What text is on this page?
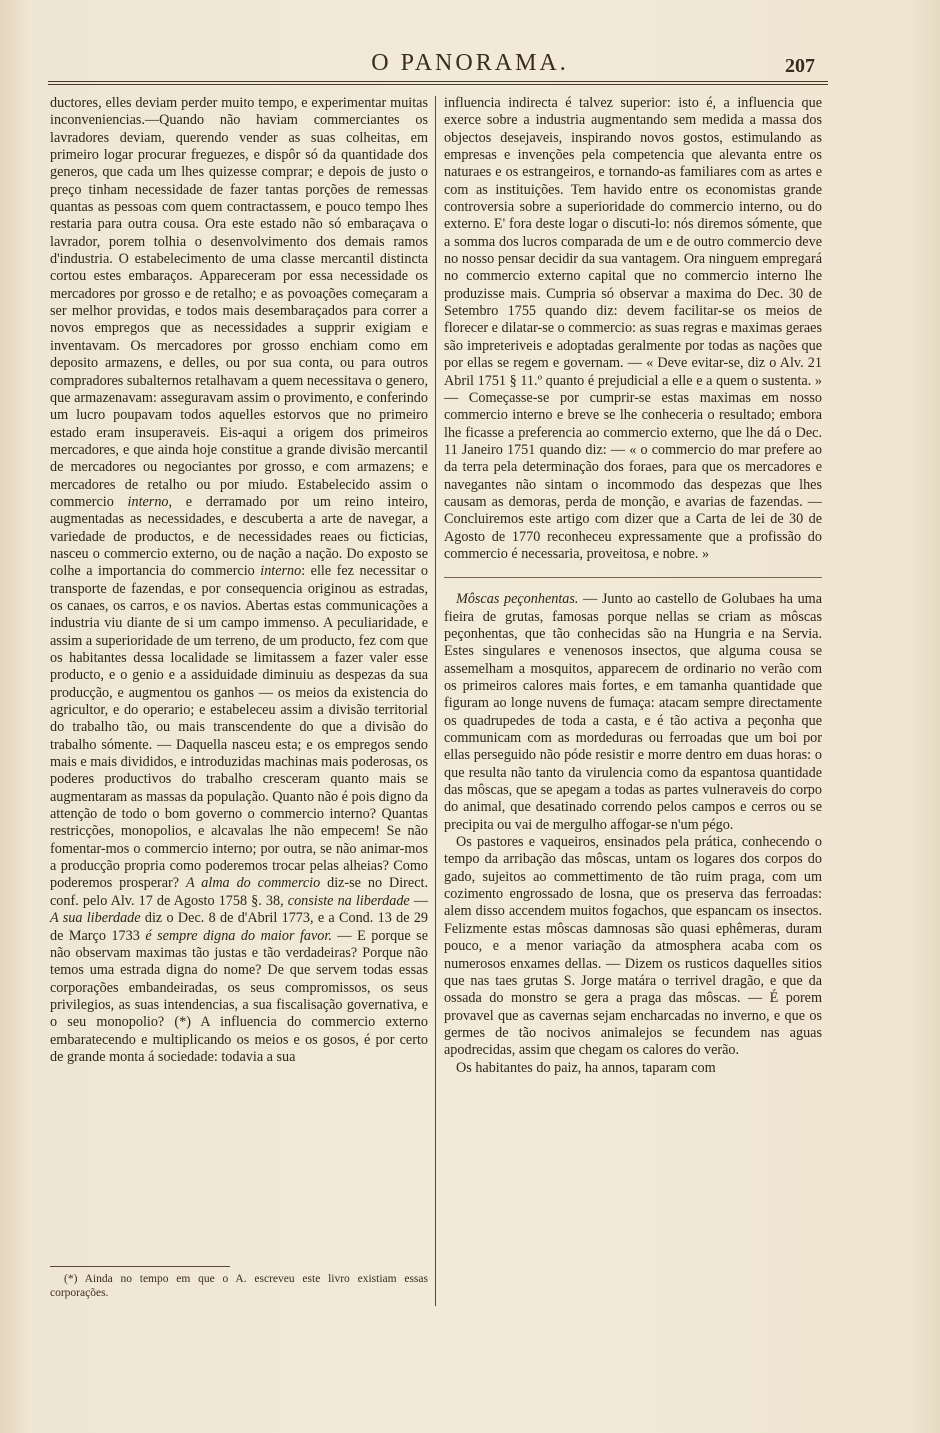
O PANORAMA.	207

ductores, elles deviam perder muito tempo, e experimentar muitas inconveniencias.—Quando não haviam commerciantes os lavradores deviam, querendo vender as suas colheitas, em primeiro logar procurar freguezes, e dispôr só da quantidade dos generos, que cada um lhes quizesse comprar; e depois de justo o preço tinham necessidade de fazer tantas porções de remessas quantas as pessoas com quem contractassem, e pouco tempo lhes restaria para outra cousa. Ora este estado não só embaraçava o lavrador, porem tolhia o desenvolvimento dos demais ramos d'industria. O estabelecimento de uma classe mercantil distincta cortou estes embaraços. Appareceram por essa necessidade os mercadores por grosso e de retalho; e as povoações começaram a ser melhor providas, e todos mais desembaraçados para correr a novos empregos que as necessidades a supprir exigiam e inventavam. Os mercadores por grosso enchiam como em deposito armazens, e delles, ou por sua conta, ou para outros compradores subalternos retalhavam a quem necessitava o genero, que armazenavam: asseguravam assim o provimento, e conferindo um lucro poupavam todos aquelles estorvos que no primeiro estado eram insuperaveis. Eis-aqui a origem dos primeiros mercadores, e que ainda hoje constitue a grande divisão mercantil de mercadores ou negociantes por grosso, e com armazens; e mercadores de retalho ou por miudo. Estabelecido assim o commercio interno, e derramado por um reino inteiro, augmentadas as necessidades, e descuberta a arte de navegar, a variedade de productos, e de necessidades reaes ou ficticias, nasceu o commercio externo, ou de nação a nação. Do exposto se colhe a importancia do commercio interno: elle fez necessitar o transporte de fazendas, e por consequencia originou as estradas, os canaes, os carros, e os navios. Abertas estas communicações a industria viu diante de si um campo immenso. A peculiaridade, e assim a superioridade de um terreno, de um producto, fez com que os habitantes dessa localidade se limitassem a fazer valer esse producto, e o genio e a assiduidade diminuiu as despezas da sua producção, e augmentou os ganhos — os meios da existencia do agricultor, e do operario; e estabeleceu assim a divisão territorial do trabalho tão, ou mais transcendente do que a divisão do trabalho sómente. — Daquella nasceu esta; e os empregos sendo mais e mais divididos, e introduzidas machinas mais poderosas, os poderes productivos do trabalho cresceram quanto mais se augmentaram as massas da população. Quanto não é pois digno da attenção de todo o bom governo o commercio interno? Quantas restricções, monopolios, e alcavalas lhe não empecem! Se não fomentar-mos o commercio interno; por outra, se não animar-mos a producção propria como poderemos trocar pelas alheias? Como poderemos prosperar? A alma do commercio diz-se no Direct. conf. pelo Alv. 17 de Agosto 1758 §. 38, consiste na liberdade — A sua liberdade diz o Dec. 8 de d'Abril 1773, e a Cond. 13 de 29 de Março 1733 é sempre digna do maior favor. — E porque se não observam maximas tão justas e tão verdadeiras? Porque não temos uma estrada digna do nome? De que servem todas essas corporações embandeiradas, os seus compromissos, os seus privilegios, as suas intendencias, a sua fiscalisação governativa, e o seu monopolio? (*) A influencia do commercio externo embaratecendo e multiplicando os meios e os gosos, é por certo de grande monta á sociedade: todavia a sua

(*) Ainda no tempo em que o A. escreveu este livro existiam essas corporações.

influencia indirecta é talvez superior: isto é, a influencia que exerce sobre a industria augmentando sem medida a massa dos objectos desejaveis, inspirando novos gostos, estimulando as empresas e invenções pela competencia que alevanta entre os naturaes e os estrangeiros, e tornando-as familiares com as artes e com as instituições. Tem havido entre os economistas grande controversia sobre a superioridade do commercio interno, ou do externo. E' fora deste logar o discuti-lo: nós diremos sómente, que a somma dos lucros comparada de um e de outro commercio deve no nosso pensar decidir da sua vantagem. Ora ninguem empregará no commercio externo capital que no commercio interno lhe produzisse mais. Cumpria só observar a maxima do Dec. 30 de Setembro 1755 quando diz: devem facilitar-se os meios de florecer e dilatar-se o commercio: as suas regras e maximas geraes são impreteriveis e adoptadas geralmente por todas as nações que por ellas se regem e governam. — « Deve evitar-se, diz o Alv. 21 Abril 1751 § 11.º quanto é prejudicial a elle e a quem o sustenta. » — Começasse-se por cumprir-se estas maximas em nosso commercio interno e breve se lhe conheceria o resultado; embora lhe ficasse a preferencia ao commercio externo, que lhe dá o Dec. 11 Janeiro 1751 quando diz: — « o commercio do mar prefere ao da terra pela determinação dos foraes, para que os mercadores e navegantes não sintam o incommodo das despezas que lhes causam as demoras, perda de monção, e avarias de fazendas. — Concluiremos este artigo com dizer que a Carta de lei de 30 de Agosto de 1770 reconheceu expressamente que a profissão do commercio é necessaria, proveitosa, e nobre. »

Môscas peçonhentas. — Junto ao castello de Golubaes ha uma fieira de grutas, famosas porque nellas se criam as môscas peçonhentas, que tão conhecidas são na Hungria e na Servia. Estes singulares e venenosos insectos, que alguma cousa se assemelham a mosquitos, apparecem de ordinario no verão com os primeiros calores mais fortes, e em tamanha quantidade que figuram ao longe nuvens de fumaça: atacam sempre directamente os quadrupedes de toda a casta, e é tão activa a peçonha que communicam com as mordeduras ou ferroadas que um boi por ellas perseguido não póde resistir e morre dentro em duas horas: o que resulta não tanto da virulencia como da espantosa quantidade das môscas, que se apegam a todas as partes vulneraveis do corpo do animal, que desatinado correndo pelos campos e cerros ou se precipita ou vai de mergulho affogar-se n'um pégo.

Os pastores e vaqueiros, ensinados pela prática, conhecendo o tempo da arribação das môscas, untam os logares dos corpos do gado, sujeitos ao commettimento de tão ruim praga, com um cozimento engrossado de losna, que os preserva das ferroadas: alem disso accendem muitos fogachos, que espancam os insectos. Felizmente estas môscas damnosas são quasi ephêmeras, duram pouco, e a menor variação da atmosphera acaba com os numerosos enxames dellas. — Dizem os rusticos daquelles sitios que nas taes grutas S. Jorge matára o terrivel dragão, e que da ossada do monstro se gera a praga das môscas. — É porem provavel que as cavernas sejam encharcadas no inverno, e que os germes de tão nocivos animalejos se fecundem nas aguas apodrecidas, assim que chegam os calores do verão.

Os habitantes do paiz, ha annos, taparam com
